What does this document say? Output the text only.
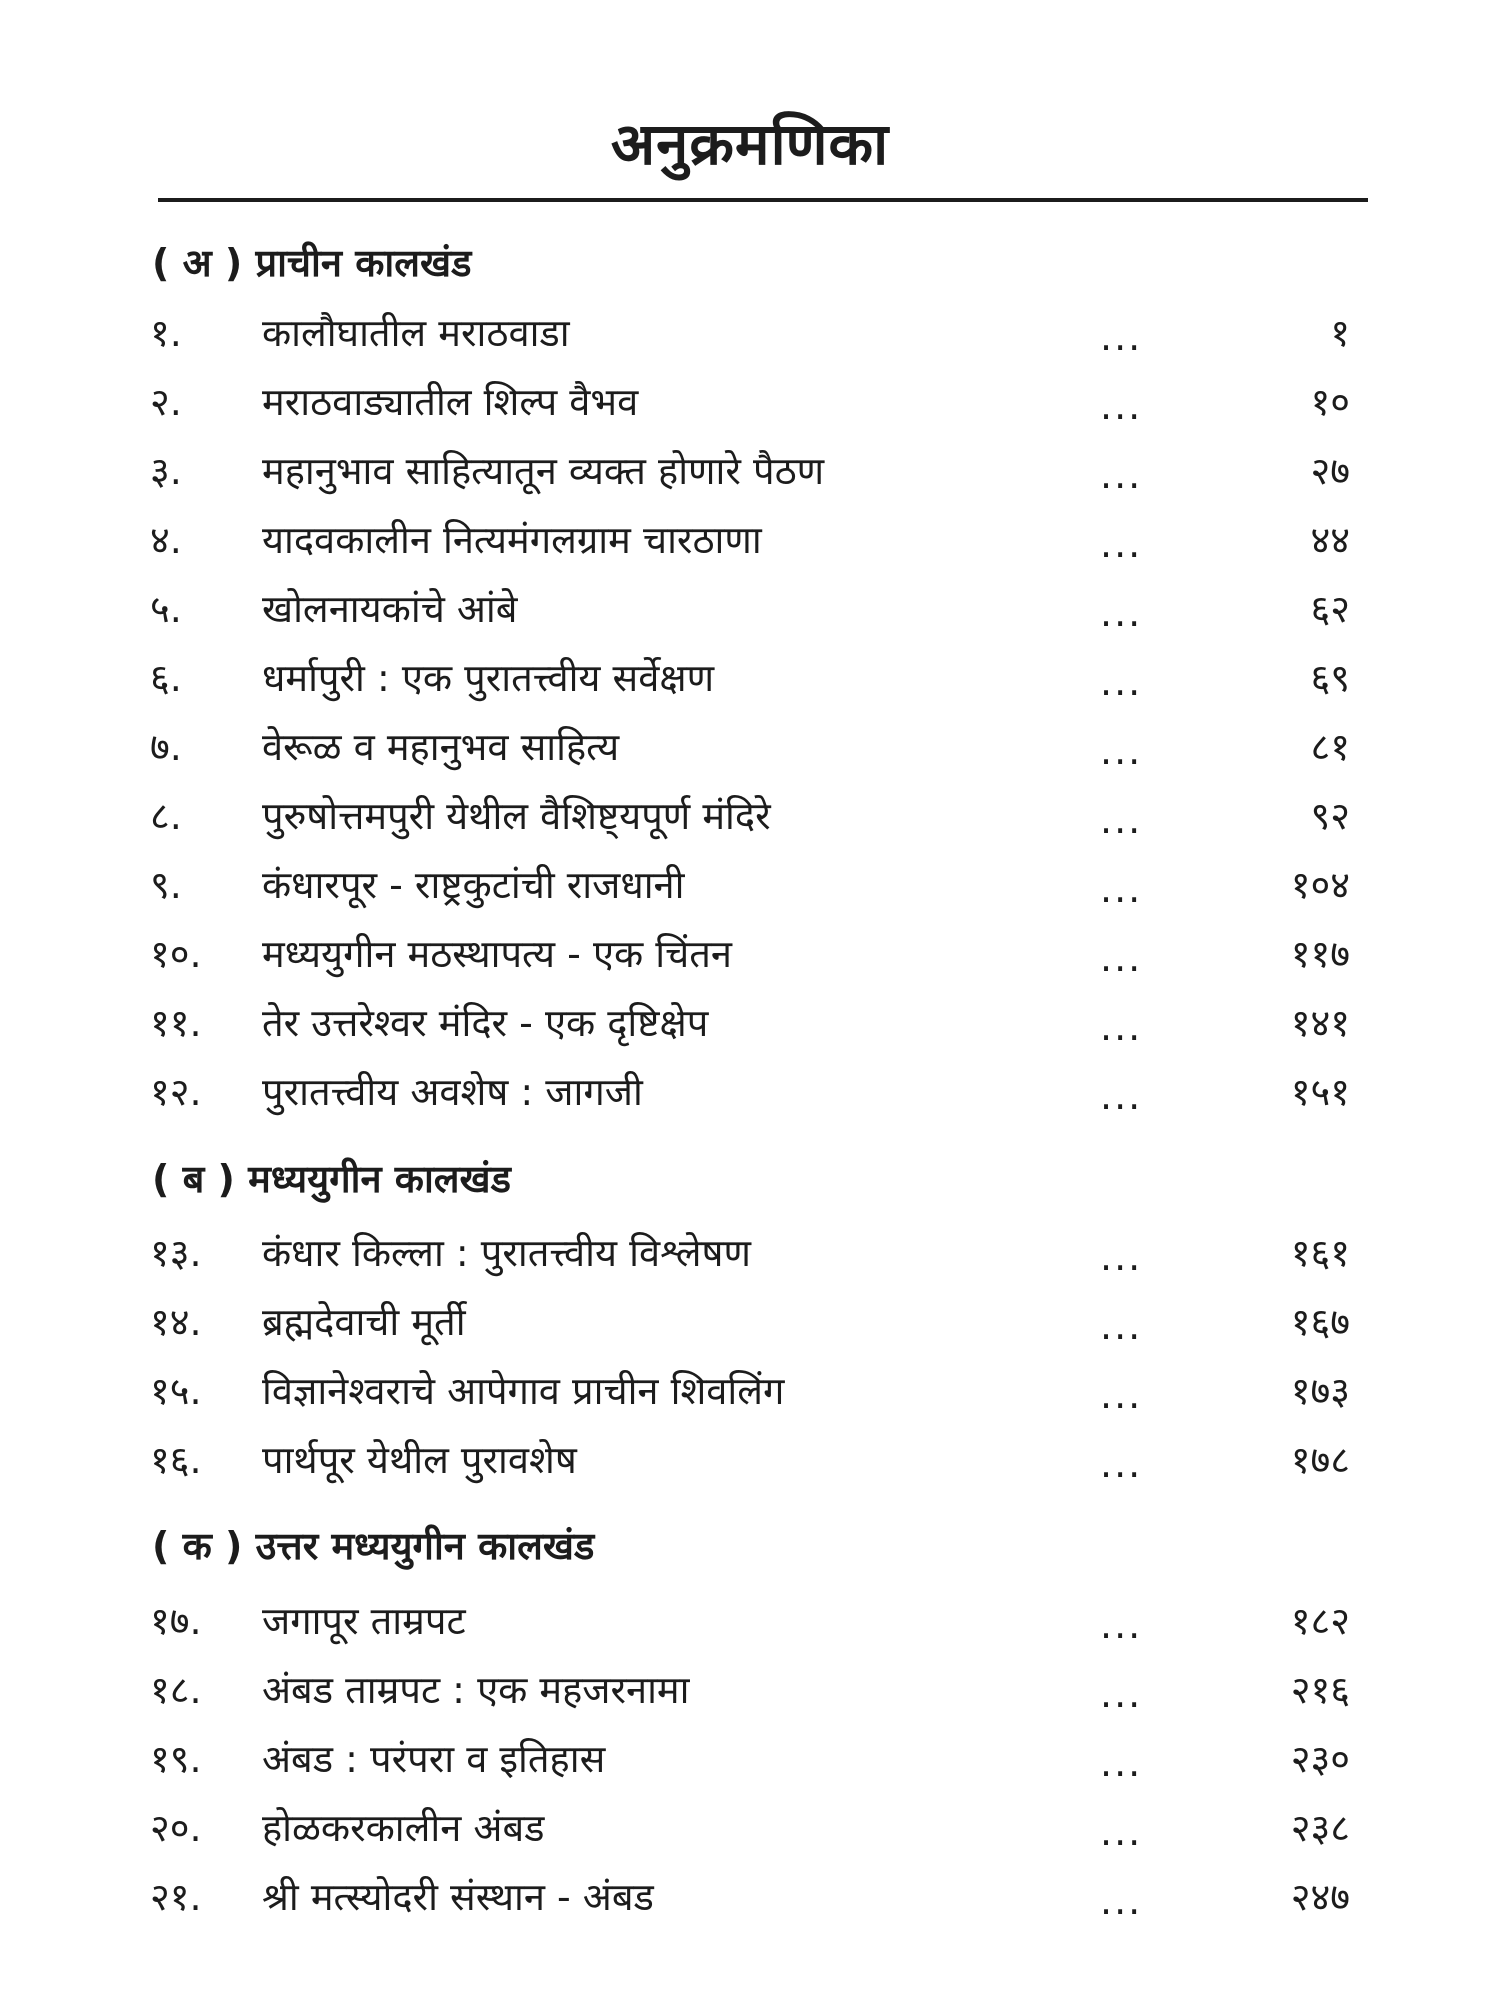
अनुक्रमणिका
( अ ) प्राचीन कालखंड
१. कालौघातील मराठवाडा	...	१
२. मराठवाड्यातील शिल्प वैभव	...	१०
३. महानुभाव साहित्यातून व्यक्त होणारे पैठण	...	२७
४. यादवकालीन नित्यमंगलग्राम चारठाणा	...	४४
५. खोलनायकांचे आंबे	...	६२
६. धर्मापुरी : एक पुरातत्त्वीय सर्वेक्षण	...	६९
७. वेरूळ व महानुभव साहित्य	...	८१
८. पुरुषोत्तमपुरी येथील वैशिष्ट्यपूर्ण मंदिरे	...	९२
९. कंधारपूर - राष्ट्रकुटांची राजधानी	...	१०४
१०. मध्ययुगीन मठस्थापत्य - एक चिंतन	...	११७
११. तेर उत्तरेश्वर मंदिर - एक दृष्टिक्षेप	...	१४१
१२. पुरातत्त्वीय अवशेष : जागजी	...	१५१
( ब ) मध्ययुगीन कालखंड
१३. कंधार किल्ला : पुरातत्त्वीय विश्लेषण	...	१६१
१४. ब्रह्मदेवाची मूर्ती	...	१६७
१५. विज्ञानेश्वराचे आपेगाव प्राचीन शिवलिंग	...	१७३
१६. पार्थपूर येथील पुरावशेष	...	१७८
( क ) उत्तर मध्ययुगीन कालखंड
१७. जगापूर ताम्रपट	...	१८२
१८. अंबड ताम्रपट : एक महजरनामा	...	२१६
१९. अंबड : परंपरा व इतिहास	...	२३०
२०. होळकरकालीन अंबड	...	२३८
२१. श्री मत्स्योदरी संस्थान - अंबड	...	२४७
